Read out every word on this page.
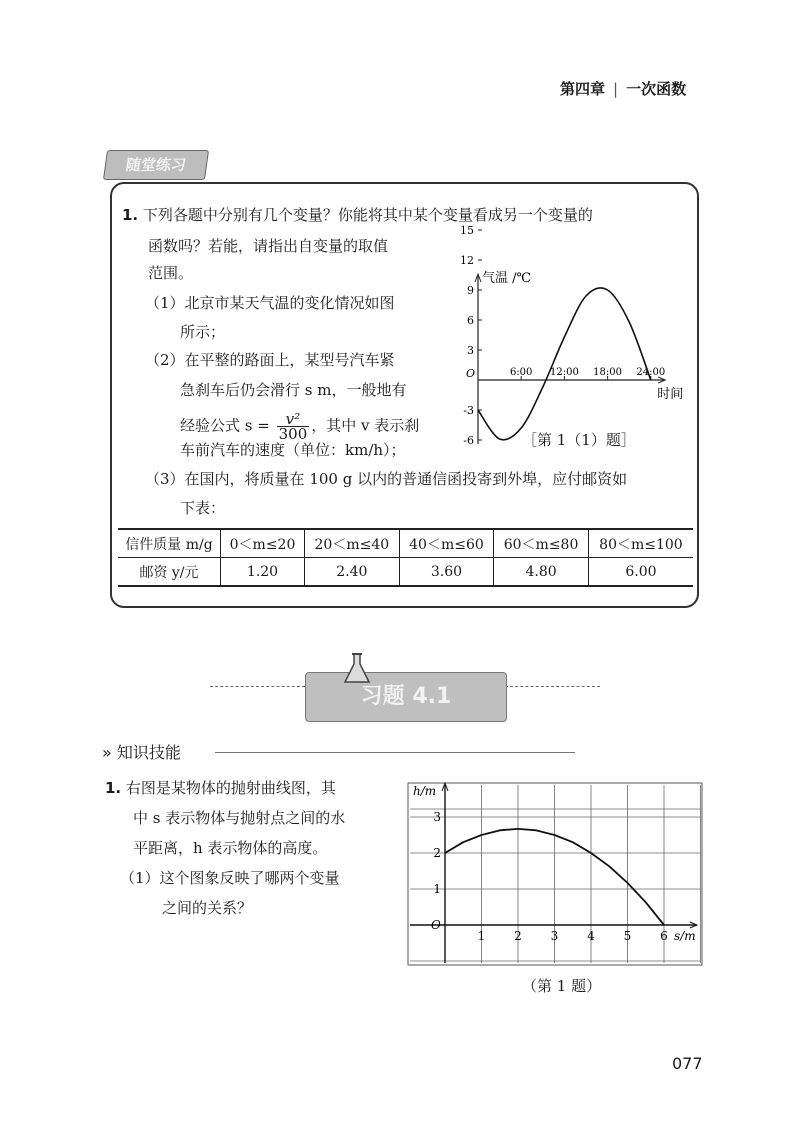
第四章 | 一次函数
随堂练习
1. 下列各题中分别有几个变量？你能将其中某个变量看成另一个变量的
函数吗？若能，请指出自变量的取值
范围。
（1）北京市某天气温的变化情况如图
所示；
（2）在平整的路面上，某型号汽车紧
急刹车后仍会滑行 s m，一般地有
经验公式 $s = \frac{\text{v²}}{300}$ ，其中 v 表示刹
车前汽车的速度（单位：km/h）；
（3）在国内，将质量在 100 g 以内的普通信函投寄到外埠，应付邮资如
下表：
信件质量 m/g	0＜m≤20	20＜m≤40	40＜m≤60	60＜m≤80	80＜m≤100
邮资 y/元	1.20	2.40	3.60	4.80	6.00
气温 /℃
时间
O
-6
-3
3
6
9
12
15
6:00 12:00 18:00 24:00
［第 1（1）题］
习题 4.1
» 知识技能
1. 右图是某物体的抛射曲线图，其
中 s 表示物体与抛射点之间的水
平距离，h 表示物体的高度。
（1）这个图象反映了哪两个变量
之间的关系？
h/m
s/m
O
1 2 3 4 5 6
1
2
3
（第 1 题）
077
